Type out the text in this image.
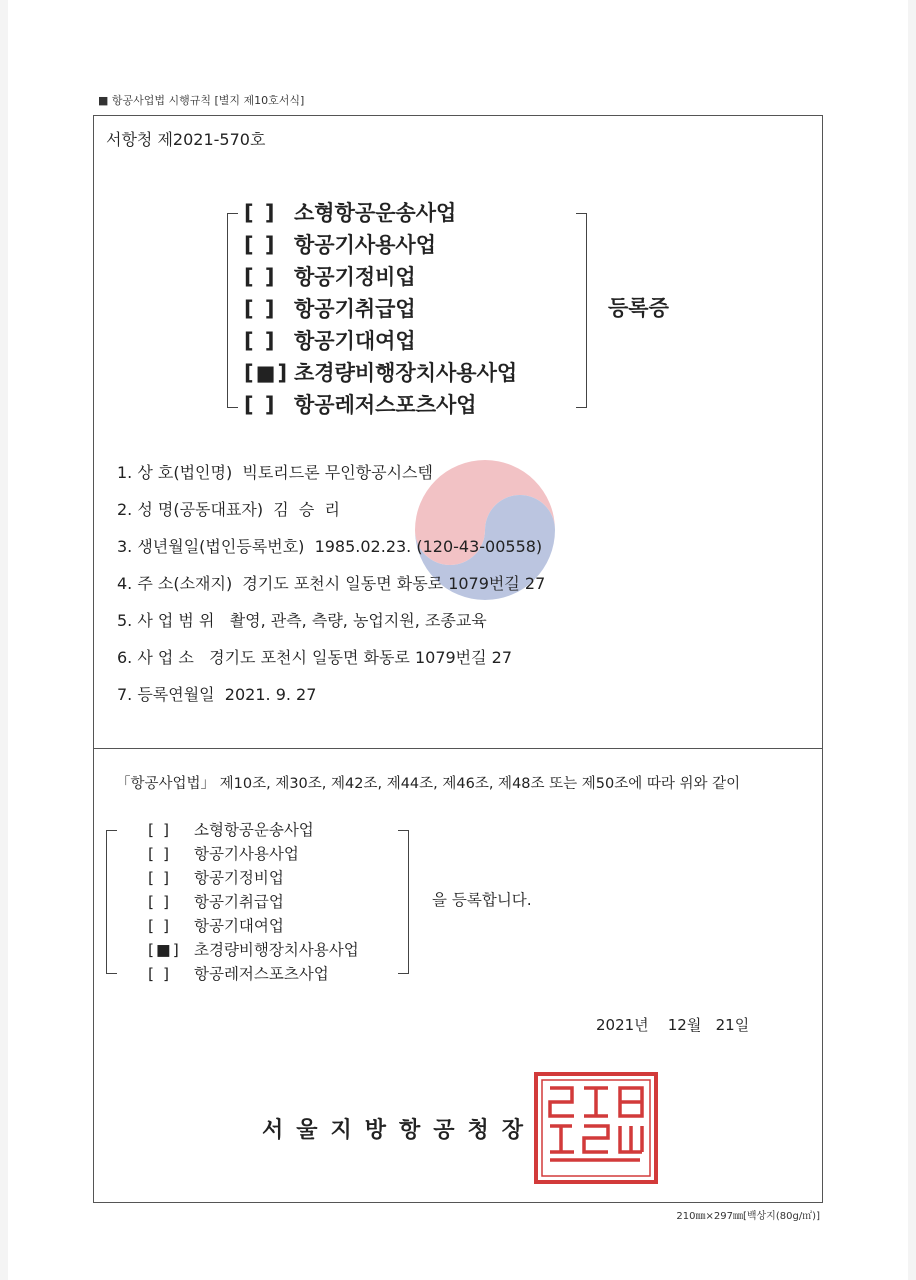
■ 항공사업법 시행규칙 [별지 제10호서식]
210㎜×297㎜[백상지(80g/㎡)]
서항청 제2021-570호
[ ] 소형항공운송사업
[ ] 항공기사용사업
[ ] 항공기정비업
[ ] 항공기취급업
[ ] 항공기대여업
[■] 초경량비행장치사용사업
[ ] 항공레저스포츠사업
등록증
1. 상 호(법인명)  빅토리드론 무인항공시스템
2. 성 명(공동대표자)  김  승  리
3. 생년월일(법인등록번호)  1985.02.23. (120-43-00558)
4. 주 소(소재지)  경기도 포천시 일동면 화동로 1079번길 27
5. 사 업 범 위   촬영, 관측, 측량, 농업지원, 조종교육
6. 사 업 소   경기도 포천시 일동면 화동로 1079번길 27
7. 등록연월일  2021. 9. 27
「항공사업법」 제10조, 제30조, 제42조, 제44조, 제46조, 제48조 또는 제50조에 따라 위와 같이
[ ] 소형항공운송사업
[ ] 항공기사용사업
[ ] 항공기정비업
[ ] 항공기취급업
[ ] 항공기대여업
[■] 초경량비행장치사용사업
[ ] 항공레저스포츠사업
을 등록합니다.
2021년    12월   21일
서울지방항공청장
